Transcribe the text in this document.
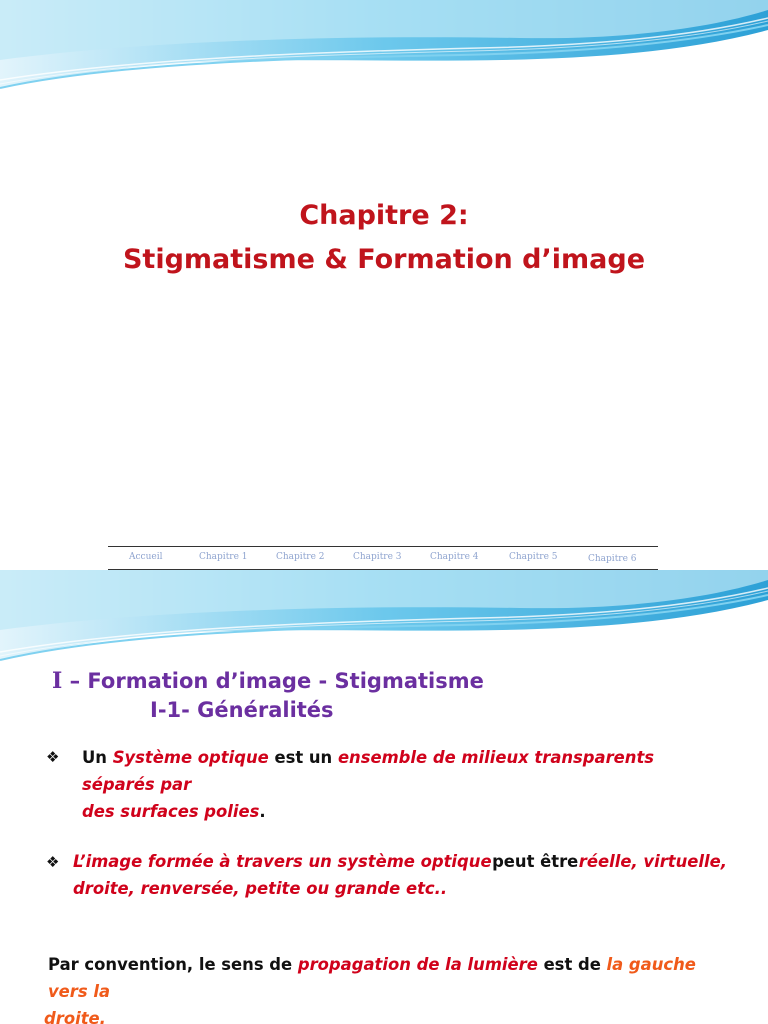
Chapitre 2:
Stigmatisme & Formation d’image
Accueil	Chapitre 1	Chapitre 2	Chapitre 3	Chapitre 4	Chapitre 5	Chapitre 6
I – Formation d’image - Stigmatisme
I-1- Généralités
❖ Un Système optique est un ensemble de milieux transparents séparés par
des surfaces polies.
❖ L’image formée à travers un système optique peut être réelle, virtuelle,
droite, renversée, petite ou grande etc..
Par convention, le sens de propagation de la lumière est de la gauche vers la
droite.
